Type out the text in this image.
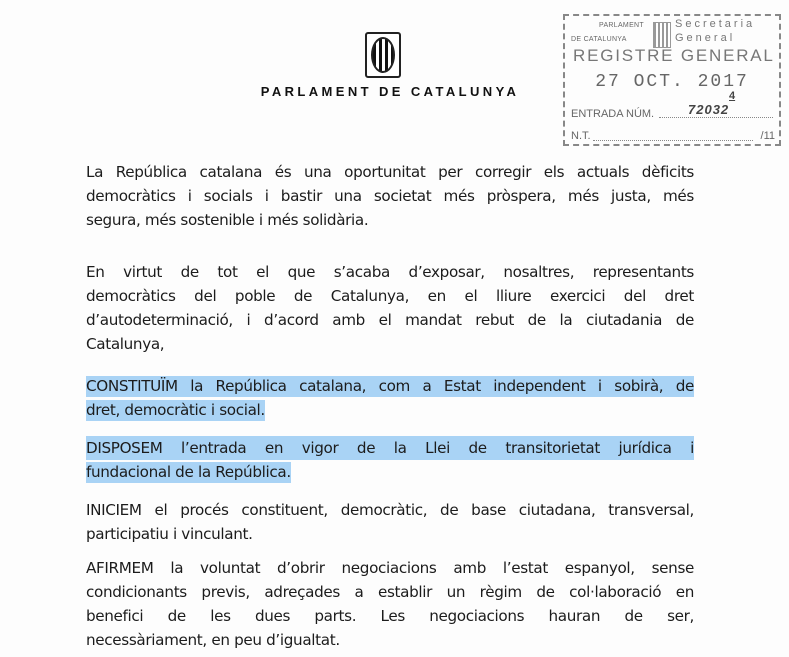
PARLAMENT DE CATALUNYA
PARLAMENT
DE CATALUNYA
Secretaria
General
REGISTRE GENERAL
27 OCT. 2017
ENTRADA NÚM.	72032
4
N.T.	/11
La República catalana és una oportunitat per corregir els actuals dèficits
democràtics i socials i bastir una societat més pròspera, més justa, més
segura, més sostenible i més solidària.
En virtut de tot el que s’acaba d’exposar, nosaltres, representants
democràtics del poble de Catalunya, en el lliure exercici del dret
d’autodeterminació, i d’acord amb el mandat rebut de la ciutadania de
Catalunya,
CONSTITUÏM la República catalana, com a Estat independent i sobirà, de
dret, democràtic i social.
DISPOSEM l’entrada en vigor de la Llei de transitorietat jurídica i
fundacional de la República.
INICIEM el procés constituent, democràtic, de base ciutadana, transversal,
participatiu i vinculant.
AFIRMEM la voluntat d’obrir negociacions amb l’estat espanyol, sense
condicionants previs, adreçades a establir un règim de col·laboració en
benefici de les dues parts. Les negociacions hauran de ser,
necessàriament, en peu d’igualtat.
